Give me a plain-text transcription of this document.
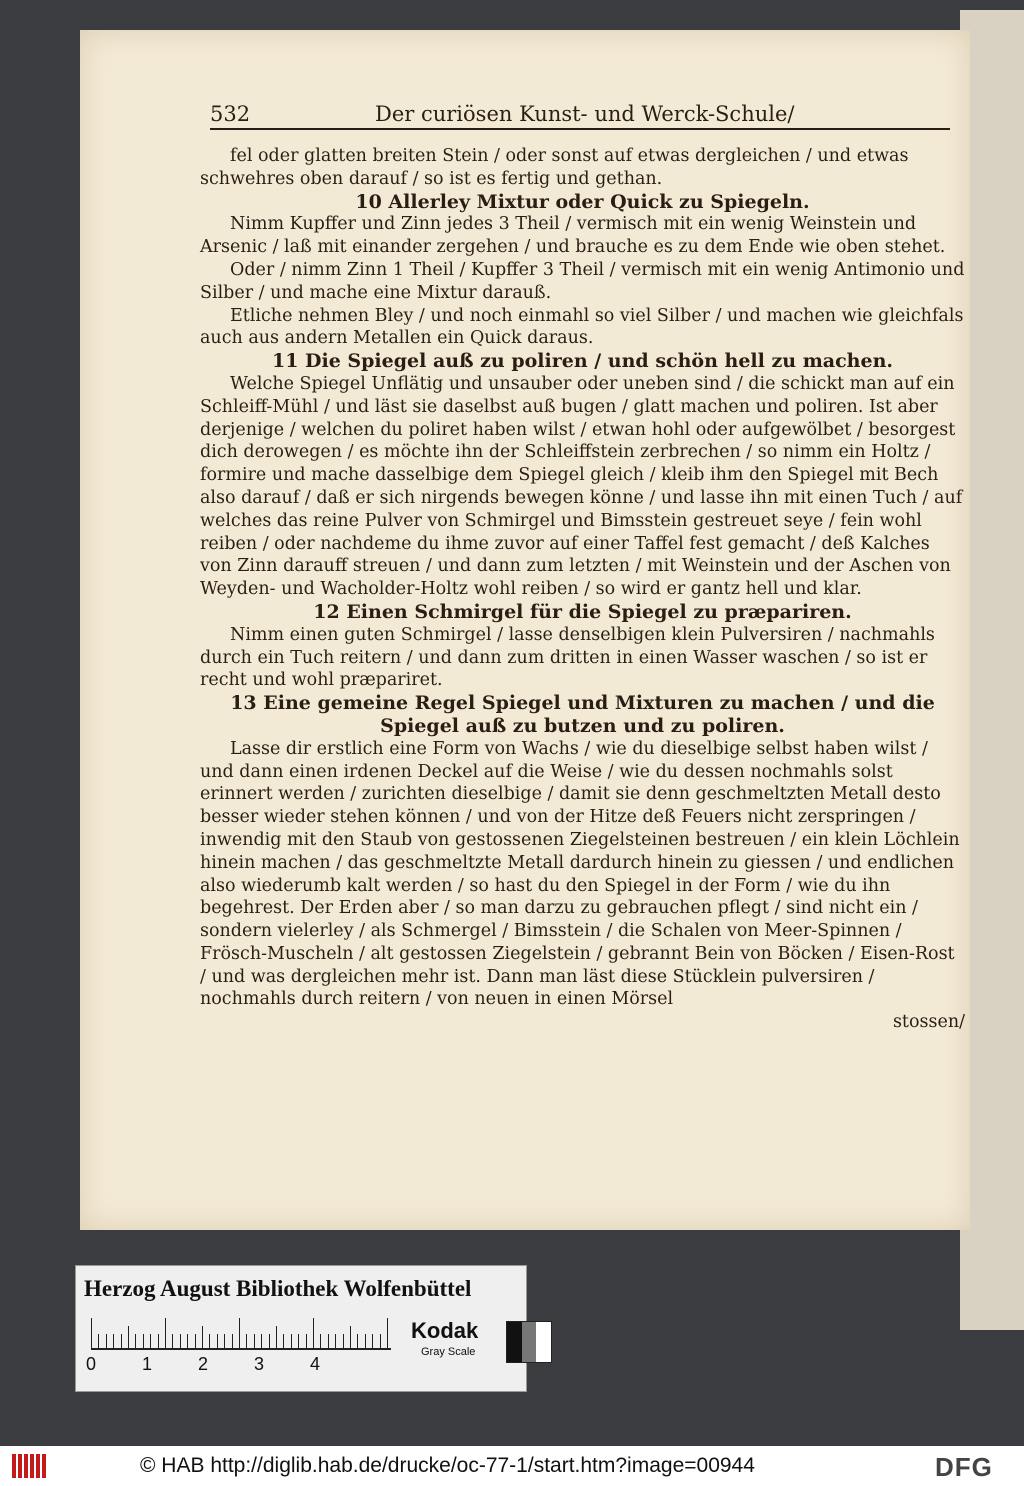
532	Der curiösen Kunst- und Werck-Schule/

fel oder glatten breiten Stein / oder sonst auf etwas dergleichen / und etwas schwehres oben darauf / so ist es fertig und gethan.

10 Allerley Mixtur oder Quick zu Spiegeln.

Nimm Kupffer und Zinn jedes 3 Theil / vermisch mit ein wenig Weinstein und Arsenic / laß mit einander zergehen / und brauche es zu dem Ende wie oben stehet.

Oder / nimm Zinn 1 Theil / Kupffer 3 Theil / vermisch mit ein wenig Antimonio und Silber / und mache eine Mixtur darauß.

Etliche nehmen Bley / und noch einmahl so viel Silber / und machen wie gleichfals auch aus andern Metallen ein Quick daraus.

11 Die Spiegel auß zu poliren / und schön hell zu machen.

Welche Spiegel Unflätig und unsauber oder uneben sind / die schickt man auf ein Schleiff-Mühl / und läst sie daselbst auß bugen / glatt machen und poliren. Ist aber derjenige / welchen du poliret haben wilst / etwan hohl oder aufgewölbet / besorgest dich derowegen / es möchte ihn der Schleiffstein zerbrechen / so nimm ein Holtz / formire und mache dasselbige dem Spiegel gleich / kleib ihm den Spiegel mit Bech also darauf / daß er sich nirgends bewegen könne / und lasse ihn mit einen Tuch / auf welches das reine Pulver von Schmirgel und Bimsstein gestreuet seye / fein wohl reiben / oder nachdeme du ihme zuvor auf einer Taffel fest gemacht / deß Kalches von Zinn darauff streuen / und dann zum letzten / mit Weinstein und der Aschen von Weyden- und Wacholder-Holtz wohl reiben / so wird er gantz hell und klar.

12 Einen Schmirgel für die Spiegel zu præpariren.

Nimm einen guten Schmirgel / lasse denselbigen klein Pulversiren / nachmahls durch ein Tuch reitern / und dann zum dritten in einen Wasser waschen / so ist er recht und wohl præpariret.

13 Eine gemeine Regel Spiegel und Mixturen zu machen / und die Spiegel auß zu butzen und zu poliren.

Lasse dir erstlich eine Form von Wachs / wie du dieselbige selbst haben wilst / und dann einen irdenen Deckel auf die Weise / wie du dessen nochmahls solst erinnert werden / zurichten dieselbige / damit sie denn geschmeltzten Metall desto besser wieder stehen können / und von der Hitze deß Feuers nicht zerspringen / inwendig mit den Staub von gestossenen Ziegelsteinen bestreuen / ein klein Löchlein hinein machen / das geschmeltzte Metall dardurch hinein zu giessen / und endlichen also wiederumb kalt werden / so hast du den Spiegel in der Form / wie du ihn begehrest. Der Erden aber / so man darzu zu gebrauchen pflegt / sind nicht ein / sondern vielerley / als Schmergel / Bimsstein / die Schalen von Meer-Spinnen / Frösch-Muscheln / alt gestossen Ziegelstein / gebrannt Bein von Böcken / Eisen-Rost / und was dergleichen mehr ist. Dann man läst diese Stücklein pulversiren / nochmahls durch reitern / von neuen in einen Mörsel

stossen/

Herzog August Bibliothek Wolfenbüttel
0	1	2	3	4
Kodak
Gray Scale
© HAB http://diglib.hab.de/drucke/oc-77-1/start.htm?image=00944	DFG
